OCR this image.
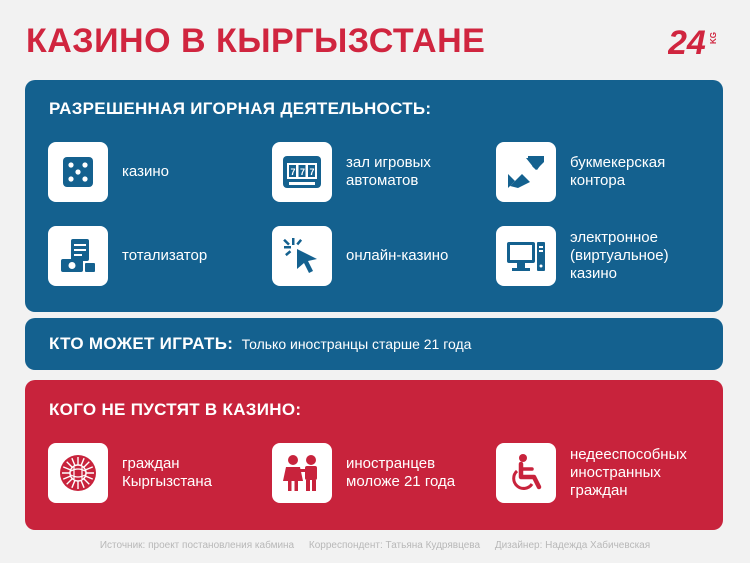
КАЗИНО В КЫРГЫЗСТАНЕ	24 KG
РАЗРЕШЕННАЯ ИГОРНАЯ ДЕЯТЕЛЬНОСТЬ:
казино	7 7 7
зал игровых
автоматов
букмекерская
контора
тотализатор	онлайн-казино
электронное
(виртуальное)
казино
КТО МОЖЕТ ИГРАТЬ: Только иностранцы старше 21 года
КОГО НЕ ПУСТЯТ В КАЗИНО:
граждан
Кыргызстана
иностранцев
моложе 21 года
недееспособных
иностранных
граждан
Источник: проект постановления кабмина Корреспондент: Татьяна Кудрявцева Дизайнер: Надежда Хабичевская
